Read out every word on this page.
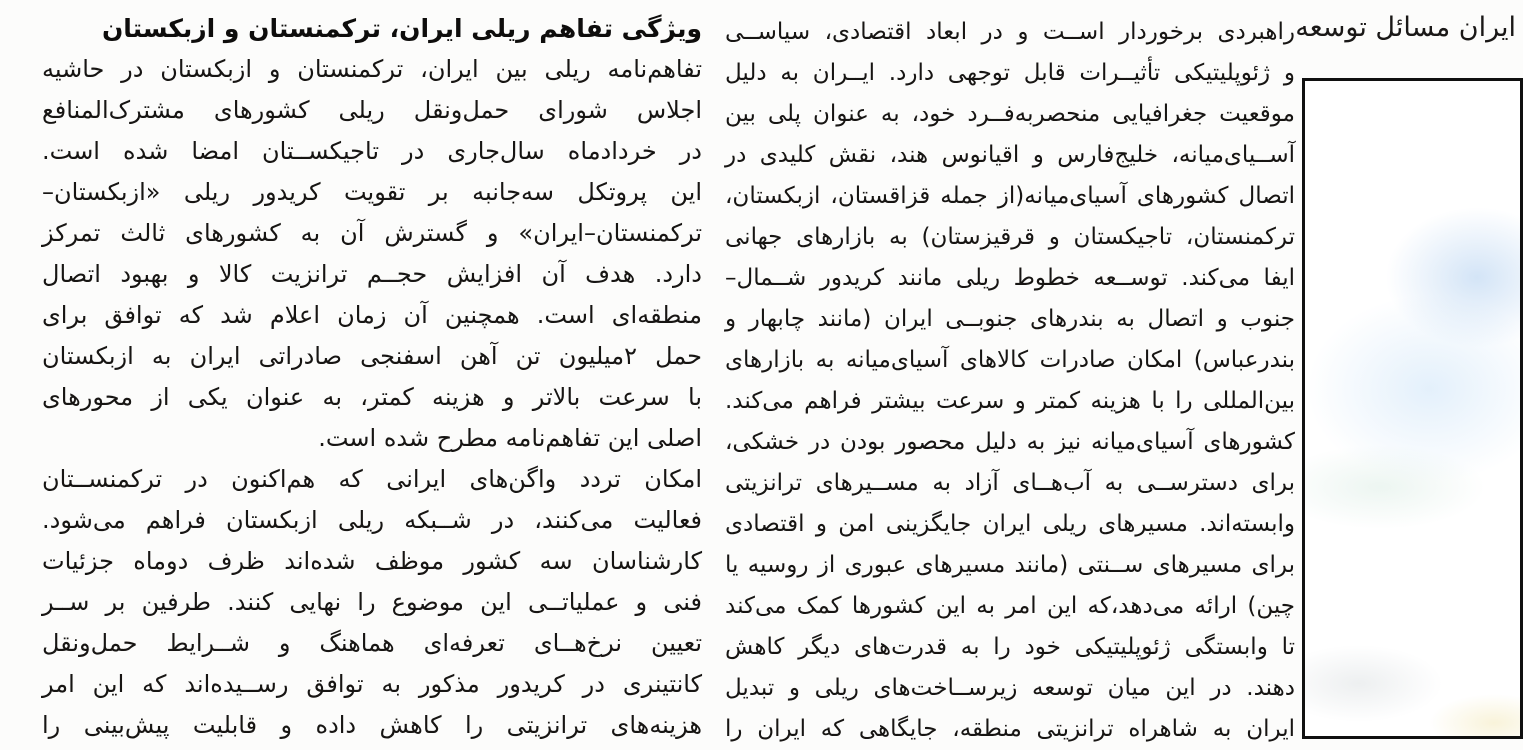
ویژگی تفاهم ریلی ایران، ترکمنستان و ازبکستان
تفاهم‌نامه ریلی بین ایران، ترکمنستان و ازبکستان در حاشیه
اجلاس شورای حمل‌ونقل ریلی کشورهای مشترک‌المنافع
در خردادماه سال‌جاری در تاجیکســتان امضا شده است.
این پروتکل سه‌جانبه بر تقویت کریدور ریلی «ازبکستان–
ترکمنستان–ایران» و گسترش آن به کشورهای ثالث تمرکز
دارد. هدف آن افزایش حجــم ترانزیت کالا و بهبود اتصال
منطقه‌ای است. همچنین آن زمان اعلام شد که توافق برای
حمل ۲میلیون تن آهن اسفنجی صادراتی ایران به ازبکستان
با سرعت بالاتر و هزینه کمتر، به عنوان یکی از محورهای
اصلی این تفاهم‌نامه مطرح شده است.
امکان تردد واگن‌های ایرانی که هم‌اکنون در ترکمنســتان
فعالیت می‌کنند، در شــبکه ریلی ازبکستان فراهم می‌شود.
کارشناسان سه کشور موظف شده‌اند ظرف دوماه جزئیات
فنی و عملیاتــی این موضوع را نهایی کنند. طرفین بر ســر
تعیین نرخ‌هــای تعرفه‌ای هماهنگ و شــرایط حمل‌ونقل
کانتینری در کریدور مذکور به توافق رســیده‌اند که این امر
هزینه‌های ترانزیتی را کاهش داده و قابلیت پیش‌بینی را
راهبردی برخوردار اســت و در ابعاد اقتصادی، سیاســی
و ژئوپلیتیکی تأثیــرات قابل توجهی دارد. ایــران به دلیل
موقعیت جغرافیایی منحصربه‌فــرد خود، به عنوان پلی بین
آســیای‌میانه، خلیج‌فارس و اقیانوس هند، نقش کلیدی در
اتصال کشورهای آسیای‌میانه(از جمله قزاقستان، ازبکستان،
ترکمنستان، تاجیکستان و قرقیزستان) به بازارهای جهانی
ایفا می‌کند. توســعه خطوط ریلی مانند کریدور شــمال–
جنوب و اتصال به بندرهای جنوبــی ایران (مانند چابهار و
بندرعباس) امکان صادرات کالاهای آسیای‌میانه به بازارهای
بین‌المللی را با هزینه کمتر و سرعت بیشتر فراهم می‌کند.
کشورهای آسیای‌میانه نیز به دلیل محصور بودن در خشکی،
برای دسترســی به آب‌هــای آزاد به مســیرهای ترانزیتی
وابسته‌اند. مسیرهای ریلی ایران جایگزینی امن و اقتصادی
برای مسیرهای ســنتی (مانند مسیرهای عبوری از روسیه یا
چین) ارائه می‌دهد،که این امر به این کشورها کمک می‌کند
تا وابستگی ژئوپلیتیکی خود را به قدرت‌های دیگر کاهش
دهند. در این میان توسعه زیرســاخت‌های ریلی و تبدیل
ایران به شاهراه ترانزیتی منطقه، جایگاهی که ایران را
ایران مسائل توسعه
